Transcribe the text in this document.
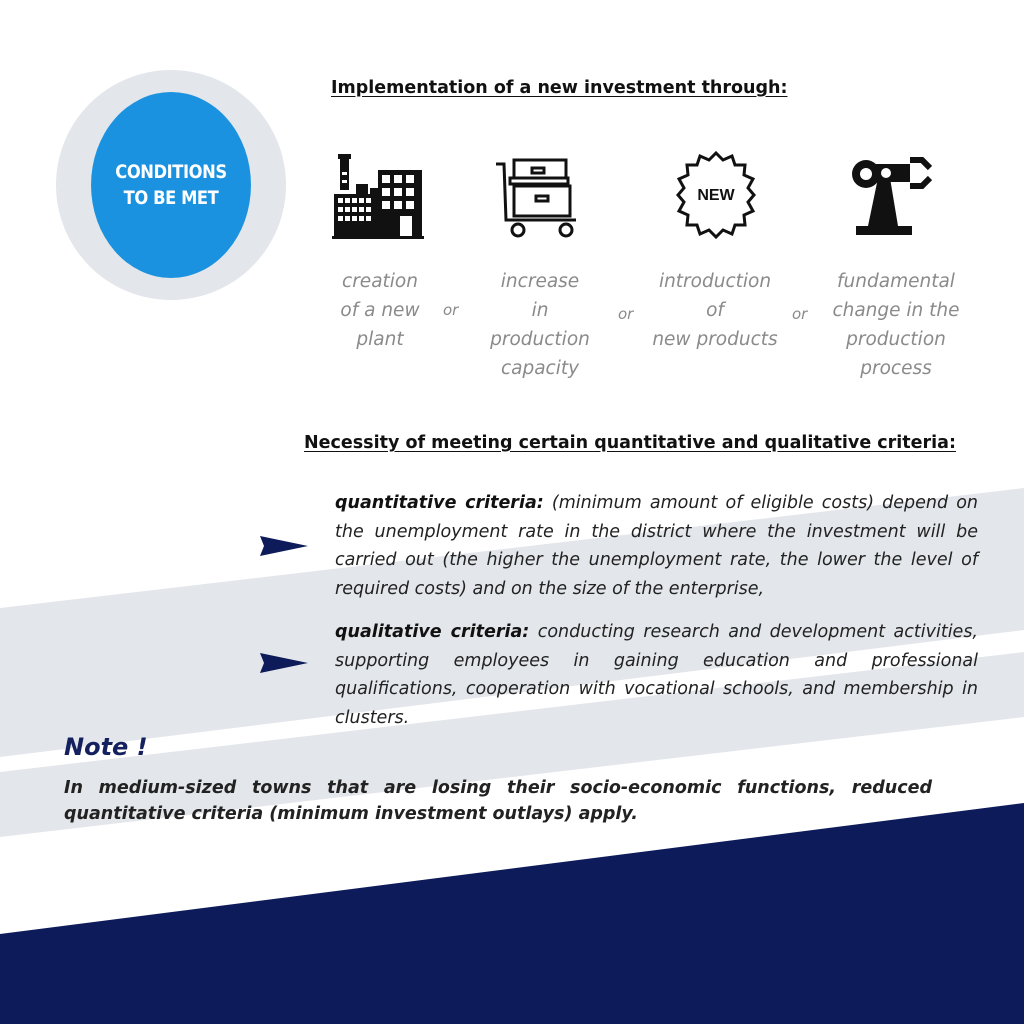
CONDITIONS
TO BE MET
Implementation of a new investment through:
NEW
creation
of a new
plant
increase
in
production
capacity
introduction
of
new products
fundamental
change in the
production
process
or	or	or
Necessity of meeting certain quantitative and qualitative criteria:
quantitative criteria: (minimum amount of eligible costs) depend on the unemployment rate in the district where the investment will be carried out (the higher the unemployment rate, the lower the level of required costs) and on the size of the enterprise,
qualitative criteria: conducting research and development activities, supporting employees in gaining education and professional qualifications, cooperation with vocational schools, and membership in clusters.
Note !
In medium-sized towns that are losing their socio-economic functions, reduced quantitative criteria (minimum investment outlays) apply.
